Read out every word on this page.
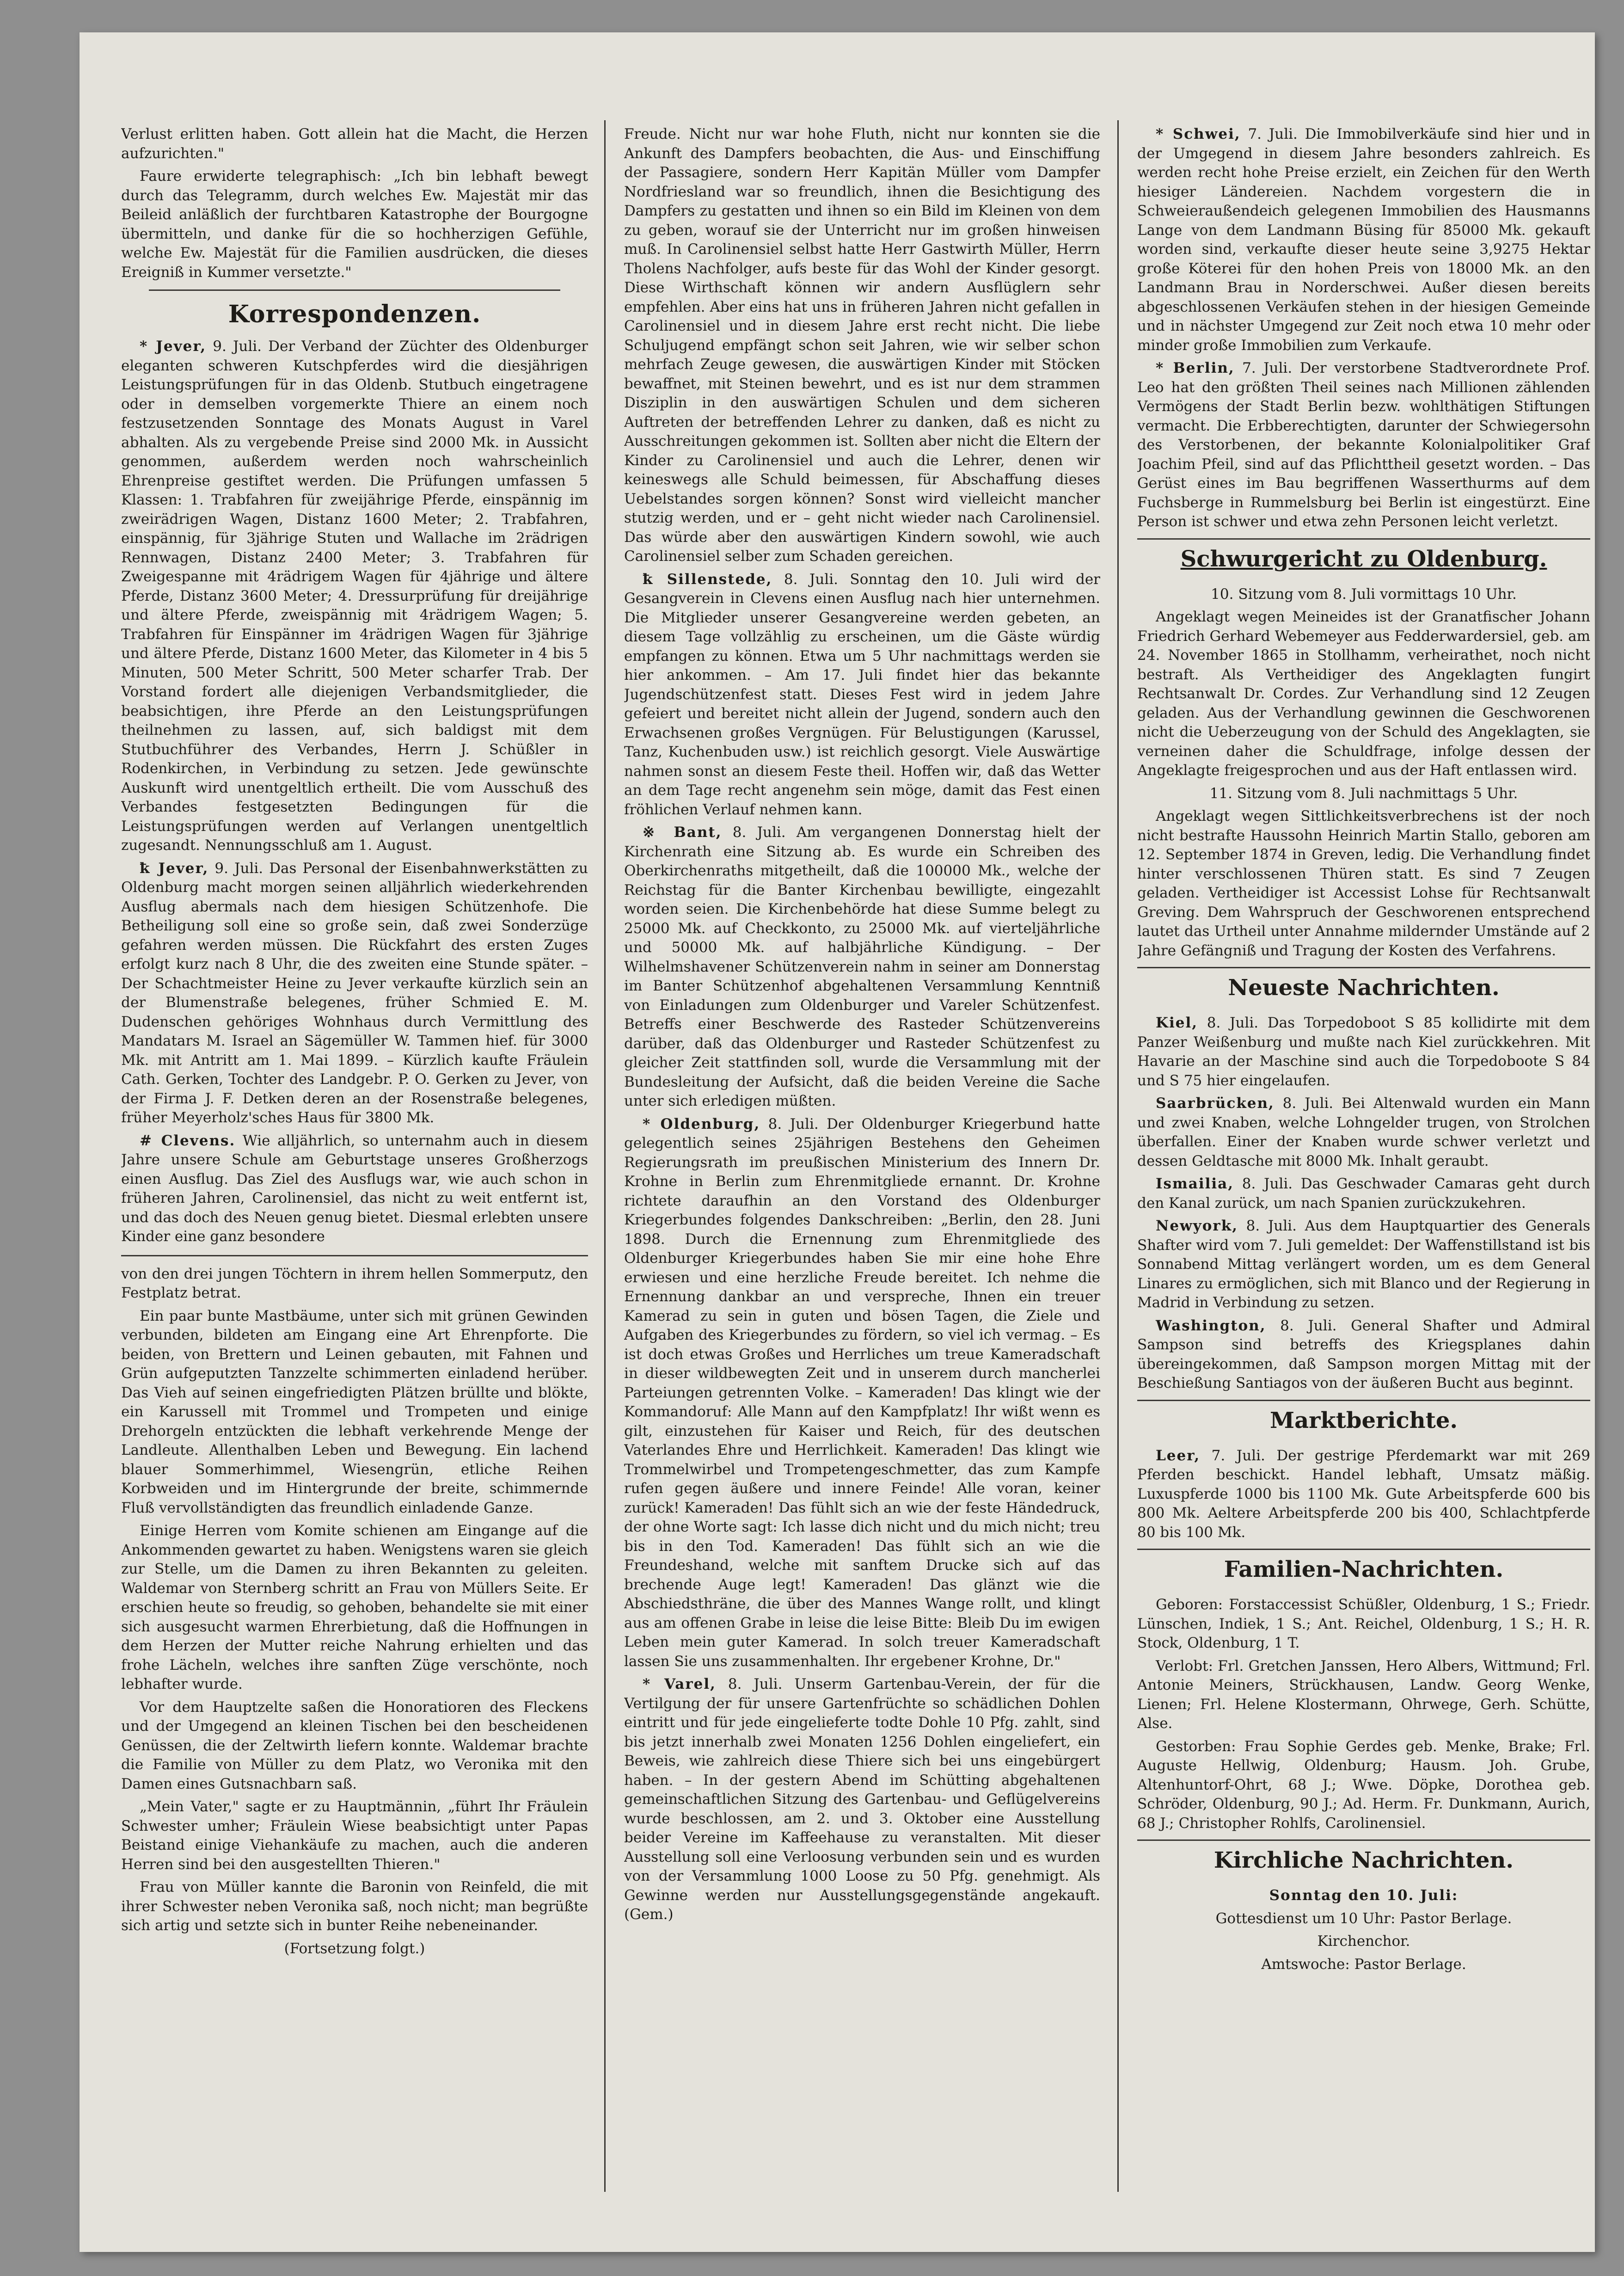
Verlust erlitten haben. Gott allein hat die Macht, die Herzen aufzurichten."

Faure erwiderte telegraphisch: „Ich bin lebhaft bewegt durch das Telegramm, durch welches Ew. Majestät mir das Beileid anläßlich der furchtbaren Katastrophe der Bourgogne übermitteln, und danke für die so hochherzigen Gefühle, welche Ew. Majestät für die Familien ausdrücken, die dieses Ereigniß in Kummer versetzte."

Korrespondenzen.

* Jever, 9. Juli. Der Verband der Züchter des Oldenburger eleganten schweren Kutschpferdes wird die diesjährigen Leistungsprüfungen für in das Oldenb. Stutbuch eingetragene oder in demselben vorgemerkte Thiere an einem noch festzusetzenden Sonntage des Monats August in Varel abhalten. Als zu vergebende Preise sind 2000 Mk. in Aussicht genommen, außerdem werden noch wahrscheinlich Ehrenpreise gestiftet werden. Die Prüfungen umfassen 5 Klassen: 1. Trabfahren für zweijährige Pferde, einspännig im zweirädrigen Wagen, Distanz 1600 Meter; 2. Trabfahren, einspännig, für 3jährige Stuten und Wallache im 2rädrigen Rennwagen, Distanz 2400 Meter; 3. Trabfahren für Zweigespanne mit 4rädrigem Wagen für 4jährige und ältere Pferde, Distanz 3600 Meter; 4. Dressurprüfung für dreijährige und ältere Pferde, zweispännig mit 4rädrigem Wagen; 5. Trabfahren für Einspänner im 4rädrigen Wagen für 3jährige und ältere Pferde, Distanz 1600 Meter, das Kilometer in 4 bis 5 Minuten, 500 Meter Schritt, 500 Meter scharfer Trab. Der Vorstand fordert alle diejenigen Verbandsmitglieder, die beabsichtigen, ihre Pferde an den Leistungsprüfungen theilnehmen zu lassen, auf, sich baldigst mit dem Stutbuchführer des Verbandes, Herrn J. Schüßler in Rodenkirchen, in Verbindung zu setzen. Jede gewünschte Auskunft wird unentgeltlich ertheilt. Die vom Ausschuß des Verbandes festgesetzten Bedingungen für die Leistungsprüfungen werden auf Verlangen unentgeltlich zugesandt. Nennungsschluß am 1. August.

ꝁ Jever, 9. Juli. Das Personal der Eisenbahnwerkstätten zu Oldenburg macht morgen seinen alljährlich wiederkehrenden Ausflug abermals nach dem hiesigen Schützenhofe. Die Betheiligung soll eine so große sein, daß zwei Sonderzüge gefahren werden müssen. Die Rückfahrt des ersten Zuges erfolgt kurz nach 8 Uhr, die des zweiten eine Stunde später. – Der Schachtmeister Heine zu Jever verkaufte kürzlich sein an der Blumenstraße belegenes, früher Schmied E. M. Dudenschen gehöriges Wohnhaus durch Vermittlung des Mandatars M. Israel an Sägemüller W. Tammen hief. für 3000 Mk. mit Antritt am 1. Mai 1899. – Kürzlich kaufte Fräulein Cath. Gerken, Tochter des Landgebr. P. O. Gerken zu Jever, von der Firma J. F. Detken deren an der Rosenstraße belegenes, früher Meyerholz'sches Haus für 3800 Mk.

# Clevens. Wie alljährlich, so unternahm auch in diesem Jahre unsere Schule am Geburtstage unseres Großherzogs einen Ausflug. Das Ziel des Ausflugs war, wie auch schon in früheren Jahren, Carolinensiel, das nicht zu weit entfernt ist, und das doch des Neuen genug bietet. Diesmal erlebten unsere Kinder eine ganz besondere

von den drei jungen Töchtern in ihrem hellen Sommerputz, den Festplatz betrat.

Ein paar bunte Mastbäume, unter sich mit grünen Gewinden verbunden, bildeten am Eingang eine Art Ehrenpforte. Die beiden, von Brettern und Leinen gebauten, mit Fahnen und Grün aufgeputzten Tanzzelte schimmerten einladend herüber. Das Vieh auf seinen eingefriedigten Plätzen brüllte und blökte, ein Karussell mit Trommel und Trompeten und einige Drehorgeln entzückten die lebhaft verkehrende Menge der Landleute. Allenthalben Leben und Bewegung. Ein lachend blauer Sommerhimmel, Wiesengrün, etliche Reihen Korbweiden und im Hintergrunde der breite, schimmernde Fluß vervollständigten das freundlich einladende Ganze.

Einige Herren vom Komite schienen am Eingange auf die Ankommenden gewartet zu haben. Wenigstens waren sie gleich zur Stelle, um die Damen zu ihren Bekannten zu geleiten. Waldemar von Sternberg schritt an Frau von Müllers Seite. Er erschien heute so freudig, so gehoben, behandelte sie mit einer sich ausgesucht warmen Ehrerbietung, daß die Hoffnungen in dem Herzen der Mutter reiche Nahrung erhielten und das frohe Lächeln, welches ihre sanften Züge verschönte, noch lebhafter wurde.

Vor dem Hauptzelte saßen die Honoratioren des Fleckens und der Umgegend an kleinen Tischen bei den bescheidenen Genüssen, die der Zeltwirth liefern konnte. Waldemar brachte die Familie von Müller zu dem Platz, wo Veronika mit den Damen eines Gutsnachbarn saß.

„Mein Vater," sagte er zu Hauptmännin, „führt Ihr Fräulein Schwester umher; Fräulein Wiese beabsichtigt unter Papas Beistand einige Viehankäufe zu machen, auch die anderen Herren sind bei den ausgestellten Thieren."

Frau von Müller kannte die Baronin von Reinfeld, die mit ihrer Schwester neben Veronika saß, noch nicht; man begrüßte sich artig und setzte sich in bunter Reihe nebeneinander.

(Fortsetzung folgt.)

Freude. Nicht nur war hohe Fluth, nicht nur konnten sie die Ankunft des Dampfers beobachten, die Aus- und Einschiffung der Passagiere, sondern Herr Kapitän Müller vom Dampfer Nordfriesland war so freundlich, ihnen die Besichtigung des Dampfers zu gestatten und ihnen so ein Bild im Kleinen von dem zu geben, worauf sie der Unterricht nur im großen hinweisen muß. In Carolinensiel selbst hatte Herr Gastwirth Müller, Herrn Tholens Nachfolger, aufs beste für das Wohl der Kinder gesorgt. Diese Wirthschaft können wir andern Ausflüglern sehr empfehlen. Aber eins hat uns in früheren Jahren nicht gefallen in Carolinensiel und in diesem Jahre erst recht nicht. Die liebe Schuljugend empfängt schon seit Jahren, wie wir selber schon mehrfach Zeuge gewesen, die auswärtigen Kinder mit Stöcken bewaffnet, mit Steinen bewehrt, und es ist nur dem strammen Disziplin in den auswärtigen Schulen und dem sicheren Auftreten der betreffenden Lehrer zu danken, daß es nicht zu Ausschreitungen gekommen ist. Sollten aber nicht die Eltern der Kinder zu Carolinensiel und auch die Lehrer, denen wir keineswegs alle Schuld beimessen, für Abschaffung dieses Uebelstandes sorgen können? Sonst wird vielleicht mancher stutzig werden, und er – geht nicht wieder nach Carolinensiel. Das würde aber den auswärtigen Kindern sowohl, wie auch Carolinensiel selber zum Schaden gereichen.

ꝁ Sillenstede, 8. Juli. Sonntag den 10. Juli wird der Gesangverein in Clevens einen Ausflug nach hier unternehmen. Die Mitglieder unserer Gesangvereine werden gebeten, an diesem Tage vollzählig zu erscheinen, um die Gäste würdig empfangen zu können. Etwa um 5 Uhr nachmittags werden sie hier ankommen. – Am 17. Juli findet hier das bekannte Jugendschützenfest statt. Dieses Fest wird in jedem Jahre gefeiert und bereitet nicht allein der Jugend, sondern auch den Erwachsenen großes Vergnügen. Für Belustigungen (Karussel, Tanz, Kuchenbuden usw.) ist reichlich gesorgt. Viele Auswärtige nahmen sonst an diesem Feste theil. Hoffen wir, daß das Wetter an dem Tage recht angenehm sein möge, damit das Fest einen fröhlichen Verlauf nehmen kann.

※ Bant, 8. Juli. Am vergangenen Donnerstag hielt der Kirchenrath eine Sitzung ab. Es wurde ein Schreiben des Oberkirchenraths mitgetheilt, daß die 100000 Mk., welche der Reichstag für die Banter Kirchenbau bewilligte, eingezahlt worden seien. Die Kirchenbehörde hat diese Summe belegt zu 25000 Mk. auf Checkkonto, zu 25000 Mk. auf vierteljährliche und 50000 Mk. auf halbjährliche Kündigung. – Der Wilhelmshavener Schützenverein nahm in seiner am Donnerstag im Banter Schützenhof abgehaltenen Versammlung Kenntniß von Einladungen zum Oldenburger und Vareler Schützenfest. Betreffs einer Beschwerde des Rasteder Schützenvereins darüber, daß das Oldenburger und Rasteder Schützenfest zu gleicher Zeit stattfinden soll, wurde die Versammlung mit der Bundesleitung der Aufsicht, daß die beiden Vereine die Sache unter sich erledigen müßten.

* Oldenburg, 8. Juli. Der Oldenburger Kriegerbund hatte gelegentlich seines 25jährigen Bestehens den Geheimen Regierungsrath im preußischen Ministerium des Innern Dr. Krohne in Berlin zum Ehrenmitgliede ernannt. Dr. Krohne richtete daraufhin an den Vorstand des Oldenburger Kriegerbundes folgendes Dankschreiben: „Berlin, den 28. Juni 1898. Durch die Ernennung zum Ehrenmitgliede des Oldenburger Kriegerbundes haben Sie mir eine hohe Ehre erwiesen und eine herzliche Freude bereitet. Ich nehme die Ernennung dankbar an und verspreche, Ihnen ein treuer Kamerad zu sein in guten und bösen Tagen, die Ziele und Aufgaben des Kriegerbundes zu fördern, so viel ich vermag. – Es ist doch etwas Großes und Herrliches um treue Kameradschaft in dieser wildbewegten Zeit und in unserem durch mancherlei Parteiungen getrennten Volke. – Kameraden! Das klingt wie der Kommandoruf: Alle Mann auf den Kampfplatz! Ihr wißt wenn es gilt, einzustehen für Kaiser und Reich, für des deutschen Vaterlandes Ehre und Herrlichkeit. Kameraden! Das klingt wie Trommelwirbel und Trompetengeschmetter, das zum Kampfe rufen gegen äußere und innere Feinde! Alle voran, keiner zurück! Kameraden! Das fühlt sich an wie der feste Händedruck, der ohne Worte sagt: Ich lasse dich nicht und du mich nicht; treu bis in den Tod. Kameraden! Das fühlt sich an wie die Freundeshand, welche mit sanftem Drucke sich auf das brechende Auge legt! Kameraden! Das glänzt wie die Abschiedsthräne, die über des Mannes Wange rollt, und klingt aus am offenen Grabe in leise die leise Bitte: Bleib Du im ewigen Leben mein guter Kamerad. In solch treuer Kameradschaft lassen Sie uns zusammenhalten. Ihr ergebener Krohne, Dr."

* Varel, 8. Juli. Unserm Gartenbau-Verein, der für die Vertilgung der für unsere Gartenfrüchte so schädlichen Dohlen eintritt und für jede eingelieferte todte Dohle 10 Pfg. zahlt, sind bis jetzt innerhalb zwei Monaten 1256 Dohlen eingeliefert, ein Beweis, wie zahlreich diese Thiere sich bei uns eingebürgert haben. – In der gestern Abend im Schütting abgehaltenen gemeinschaftlichen Sitzung des Gartenbau- und Geflügelvereins wurde beschlossen, am 2. und 3. Oktober eine Ausstellung beider Vereine im Kaffeehause zu veranstalten. Mit dieser Ausstellung soll eine Verloosung verbunden sein und es wurden von der Versammlung 1000 Loose zu 50 Pfg. genehmigt. Als Gewinne werden nur Ausstellungsgegenstände angekauft. (Gem.)

* Schwei, 7. Juli. Die Immobilverkäufe sind hier und in der Umgegend in diesem Jahre besonders zahlreich. Es werden recht hohe Preise erzielt, ein Zeichen für den Werth hiesiger Ländereien. Nachdem vorgestern die in Schweieraußendeich gelegenen Immobilien des Hausmanns Lange von dem Landmann Büsing für 85000 Mk. gekauft worden sind, verkaufte dieser heute seine 3,9275 Hektar große Köterei für den hohen Preis von 18000 Mk. an den Landmann Brau in Norderschwei. Außer diesen bereits abgeschlossenen Verkäufen stehen in der hiesigen Gemeinde und in nächster Umgegend zur Zeit noch etwa 10 mehr oder minder große Immobilien zum Verkaufe.

* Berlin, 7. Juli. Der verstorbene Stadtverordnete Prof. Leo hat den größten Theil seines nach Millionen zählenden Vermögens der Stadt Berlin bezw. wohlthätigen Stiftungen vermacht. Die Erbberechtigten, darunter der Schwiegersohn des Verstorbenen, der bekannte Kolonialpolitiker Graf Joachim Pfeil, sind auf das Pflichttheil gesetzt worden. – Das Gerüst eines im Bau begriffenen Wasserthurms auf dem Fuchsberge in Rummelsburg bei Berlin ist eingestürzt. Eine Person ist schwer und etwa zehn Personen leicht verletzt.

Schwurgericht zu Oldenburg.

10. Sitzung vom 8. Juli vormittags 10 Uhr.

Angeklagt wegen Meineides ist der Granatfischer Johann Friedrich Gerhard Webemeyer aus Fedderwardersiel, geb. am 24. November 1865 in Stollhamm, verheirathet, noch nicht bestraft. Als Vertheidiger des Angeklagten fungirt Rechtsanwalt Dr. Cordes. Zur Verhandlung sind 12 Zeugen geladen. Aus der Verhandlung gewinnen die Geschworenen nicht die Ueberzeugung von der Schuld des Angeklagten, sie verneinen daher die Schuldfrage, infolge dessen der Angeklagte freigesprochen und aus der Haft entlassen wird.

11. Sitzung vom 8. Juli nachmittags 5 Uhr.

Angeklagt wegen Sittlichkeitsverbrechens ist der noch nicht bestrafte Haussohn Heinrich Martin Stallo, geboren am 12. September 1874 in Greven, ledig. Die Verhandlung findet hinter verschlossenen Thüren statt. Es sind 7 Zeugen geladen. Vertheidiger ist Accessist Lohse für Rechtsanwalt Greving. Dem Wahrspruch der Geschworenen entsprechend lautet das Urtheil unter Annahme mildernder Umstände auf 2 Jahre Gefängniß und Tragung der Kosten des Verfahrens.

Neueste Nachrichten.

Kiel, 8. Juli. Das Torpedoboot S 85 kollidirte mit dem Panzer Weißenburg und mußte nach Kiel zurückkehren. Mit Havarie an der Maschine sind auch die Torpedoboote S 84 und S 75 hier eingelaufen.

Saarbrücken, 8. Juli. Bei Altenwald wurden ein Mann und zwei Knaben, welche Lohngelder trugen, von Strolchen überfallen. Einer der Knaben wurde schwer verletzt und dessen Geldtasche mit 8000 Mk. Inhalt geraubt.

Ismailia, 8. Juli. Das Geschwader Camaras geht durch den Kanal zurück, um nach Spanien zurückzukehren.

Newyork, 8. Juli. Aus dem Hauptquartier des Generals Shafter wird vom 7. Juli gemeldet: Der Waffenstillstand ist bis Sonnabend Mittag verlängert worden, um es dem General Linares zu ermöglichen, sich mit Blanco und der Regierung in Madrid in Verbindung zu setzen.

Washington, 8. Juli. General Shafter und Admiral Sampson sind betreffs des Kriegsplanes dahin übereingekommen, daß Sampson morgen Mittag mit der Beschießung Santiagos von der äußeren Bucht aus beginnt.

Marktberichte.

Leer, 7. Juli. Der gestrige Pferdemarkt war mit 269 Pferden beschickt. Handel lebhaft, Umsatz mäßig. Luxuspferde 1000 bis 1100 Mk. Gute Arbeitspferde 600 bis 800 Mk. Aeltere Arbeitspferde 200 bis 400, Schlachtpferde 80 bis 100 Mk.

Familien-Nachrichten.

Geboren: Forstaccessist Schüßler, Oldenburg, 1 S.; Friedr. Lünschen, Indiek, 1 S.; Ant. Reichel, Oldenburg, 1 S.; H. R. Stock, Oldenburg, 1 T.

Verlobt: Frl. Gretchen Janssen, Hero Albers, Wittmund; Frl. Antonie Meiners, Strückhausen, Landw. Georg Wenke, Lienen; Frl. Helene Klostermann, Ohrwege, Gerh. Schütte, Alse.

Gestorben: Frau Sophie Gerdes geb. Menke, Brake; Frl. Auguste Hellwig, Oldenburg; Hausm. Joh. Grube, Altenhuntorf-Ohrt, 68 J.; Wwe. Döpke, Dorothea geb. Schröder, Oldenburg, 90 J.; Ad. Herm. Fr. Dunkmann, Aurich, 68 J.; Christopher Rohlfs, Carolinensiel.

Kirchliche Nachrichten.

Sonntag den 10. Juli:

Gottesdienst um 10 Uhr: Pastor Berlage.

Kirchenchor.

Amtswoche: Pastor Berlage.
